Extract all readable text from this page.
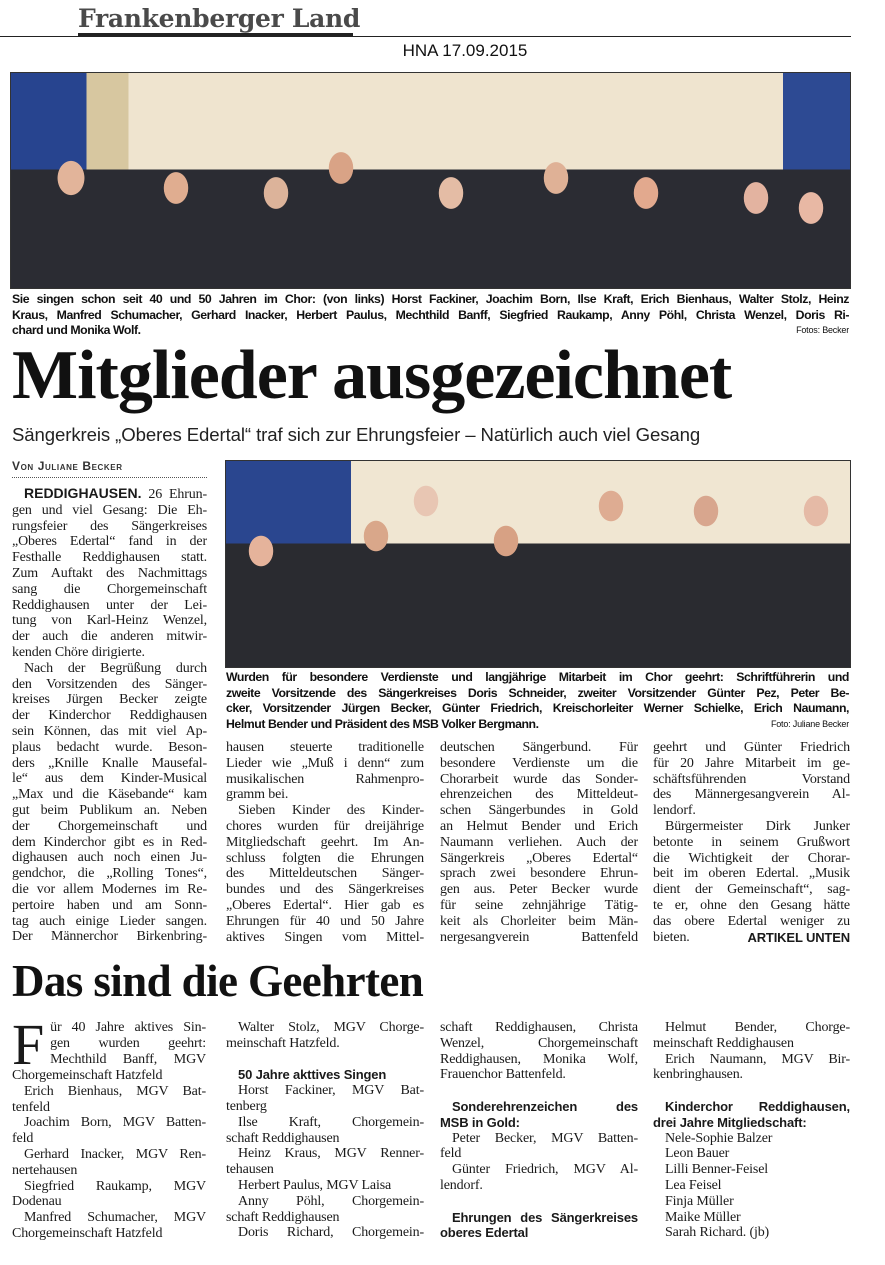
Frankenberger Land
HNA 17.09.2015
Sie singen schon seit 40 und 50 Jahren im Chor: (von links) Horst Fackiner, Joachim Born, Ilse Kraft, Erich Bienhaus, Walter Stolz, Heinz
Kraus, Manfred Schumacher, Gerhard Inacker, Herbert Paulus, Mechthild Banff, Siegfried Raukamp, Anny Pöhl, Christa Wenzel, Doris Ri-
chard und Monika Wolf.	Fotos: Becker
Mitglieder ausgezeichnet
Sängerkreis „Oberes Edertal“ traf sich zur Ehrungsfeier – Natürlich auch viel Gesang
Von Juliane Becker
Wurden für besondere Verdienste und langjährige Mitarbeit im Chor geehrt: Schriftführerin und
zweite Vorsitzende des Sängerkreises Doris Schneider, zweiter Vorsitzender Günter Pez, Peter Be-
cker, Vorsitzender Jürgen Becker, Günter Friedrich, Kreischorleiter Werner Schielke, Erich Naumann,
Helmut Bender und Präsident des MSB Volker Bergmann.	Foto: Juliane Becker
Das sind die Geehrten
REDDIGHAUSEN. 26 Ehrun-
gen und viel Gesang: Die Eh-
rungsfeier des Sängerkreises
„Oberes Edertal“ fand in der
Festhalle Reddighausen statt.
Zum Auftakt des Nachmittags
sang die Chorgemeinschaft
Reddighausen unter der Lei-
tung von Karl-Heinz Wenzel,
der auch die anderen mitwir-
kenden Chöre dirigierte.
Nach der Begrüßung durch
den Vorsitzenden des Sänger-
kreises Jürgen Becker zeigte
der Kinderchor Reddighausen
sein Können, das mit viel Ap-
plaus bedacht wurde. Beson-
ders „Knille Knalle Mausefal-
le“ aus dem Kinder-Musical
„Max und die Käsebande“ kam
gut beim Publikum an. Neben
der Chorgemeinschaft und
dem Kinderchor gibt es in Red-
dighausen auch noch einen Ju-
gendchor, die „Rolling Tones“,
die vor allem Modernes im Re-
pertoire haben und am Sonn-
tag auch einige Lieder sangen.
Der Männerchor Birkenbring-
hausen steuerte traditionelle
Lieder wie „Muß i denn“ zum
musikalischen Rahmenpro-
gramm bei.
Sieben Kinder des Kinder-
chores wurden für dreijährige
Mitgliedschaft geehrt. Im An-
schluss folgten die Ehrungen
des Mitteldeutschen Sänger-
bundes und des Sängerkreises
„Oberes Edertal“. Hier gab es
Ehrungen für 40 und 50 Jahre
aktives Singen vom Mittel-
deutschen Sängerbund. Für
besondere Verdienste um die
Chorarbeit wurde das Sonder-
ehrenzeichen des Mitteldeut-
schen Sängerbundes in Gold
an Helmut Bender und Erich
Naumann verliehen. Auch der
Sängerkreis „Oberes Edertal“
sprach zwei besondere Ehrun-
gen aus. Peter Becker wurde
für seine zehnjährige Tätig-
keit als Chorleiter beim Män-
nergesangverein Battenfeld
geehrt und Günter Friedrich
für 20 Jahre Mitarbeit im ge-
schäftsführenden Vorstand
des Männergesangverein Al-
lendorf.
Bürgermeister Dirk Junker
betonte in seinem Grußwort
die Wichtigkeit der Chorar-
beit im oberen Edertal. „Musik
dient der Gemeinschaft“, sag-
te er, ohne den Gesang hätte
das obere Edertal weniger zu
bieten.	ARTIKEL UNTEN
F ür 40 Jahre aktives Sin-
gen wurden geehrt:
Mechthild Banff, MGV
Chorgemeinschaft Hatzfeld
Erich Bienhaus, MGV Bat-
tenfeld
Joachim Born, MGV Batten-
feld
Gerhard Inacker, MGV Ren-
nertehausen
Siegfried Raukamp, MGV
Dodenau
Manfred Schumacher, MGV
Chorgemeinschaft Hatzfeld
Walter Stolz, MGV Chorge-
meinschaft Hatzfeld.
50 Jahre akttives Singen
Horst Fackiner, MGV Bat-
tenberg
Ilse Kraft, Chorgemein-
schaft Reddighausen
Heinz Kraus, MGV Renner-
tehausen
Herbert Paulus, MGV Laisa
Anny Pöhl, Chorgemein-
schaft Reddighausen
Doris Richard, Chorgemein-
schaft Reddighausen, Christa
Wenzel, Chorgemeinschaft
Reddighausen, Monika Wolf,
Frauenchor Battenfeld.
Sonderehrenzeichen des
MSB in Gold:
Peter Becker, MGV Batten-
feld
Günter Friedrich, MGV Al-
lendorf.
Ehrungen des Sängerkreises
oberes Edertal
Helmut Bender, Chorge-
meinschaft Reddighausen
Erich Naumann, MGV Bir-
kenbringhausen.
Kinderchor Reddighausen,
drei Jahre Mitgliedschaft:
Nele-Sophie Balzer
Leon Bauer
Lilli Benner-Feisel
Lea Feisel
Finja Müller
Maike Müller
Sarah Richard. (jb)
